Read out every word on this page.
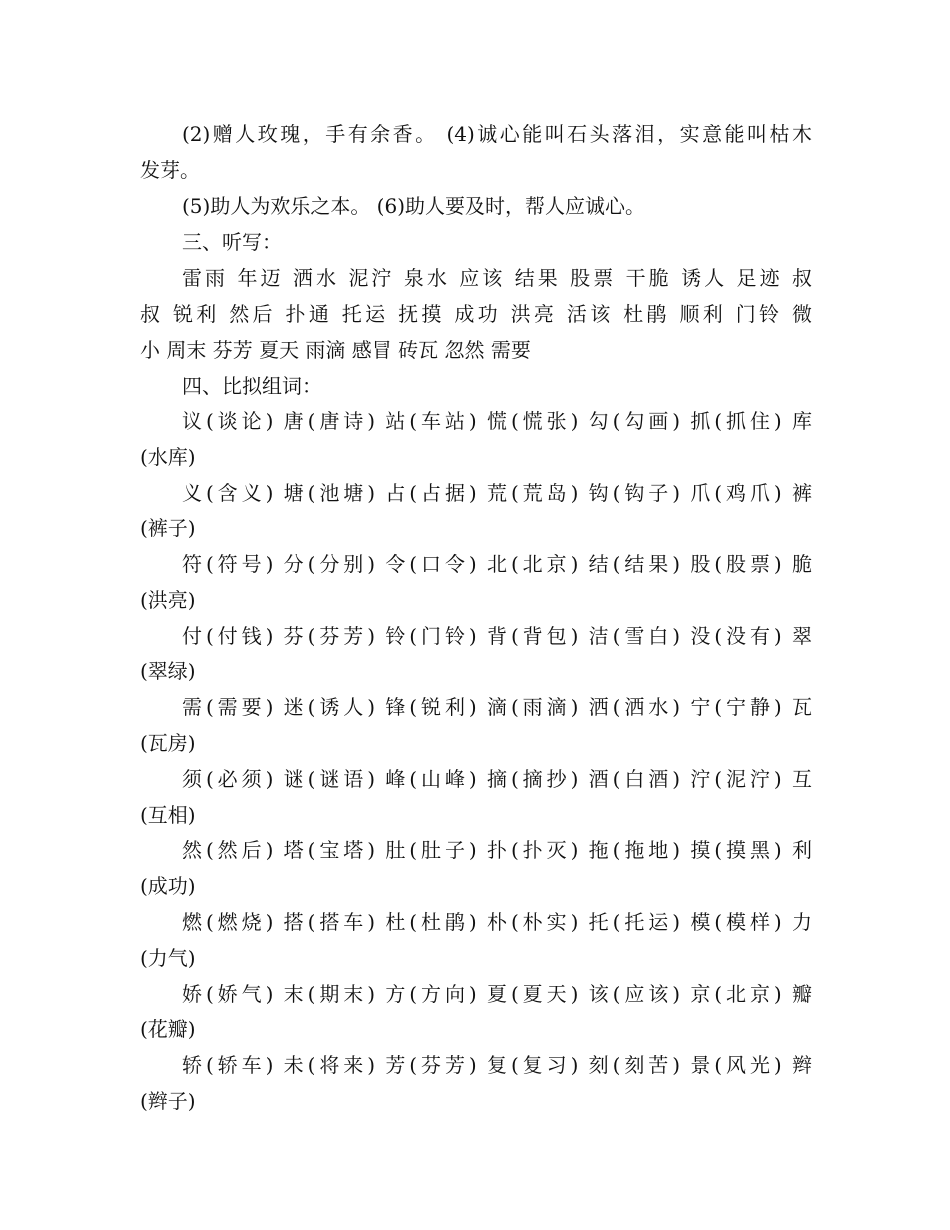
(2)赠人玫瑰，手有余香。 (4)诚心能叫石头落泪，实意能叫枯木
发芽。
(5)助人为欢乐之本。 (6)助人要及时，帮人应诚心。
三、听写：
雷雨 年迈 洒水 泥泞 泉水 应该 结果 股票 干脆 诱人 足迹 叔
叔 锐利 然后 扑通 托运 抚摸 成功 洪亮 活该 杜鹃 顺利 门铃 微
小 周末 芬芳 夏天 雨滴 感冒 砖瓦 忽然 需要
四、比拟组词：
议(谈论) 唐(唐诗) 站(车站) 慌(慌张) 勾(勾画) 抓(抓住) 库
(水库)
义(含义) 塘(池塘) 占(占据) 荒(荒岛) 钩(钩子) 爪(鸡爪) 裤
(裤子)
符(符号) 分(分别) 令(口令) 北(北京) 结(结果) 股(股票) 脆
(洪亮)
付(付钱) 芬(芬芳) 铃(门铃) 背(背包) 洁(雪白) 没(没有) 翠
(翠绿)
需(需要) 迷(诱人) 锋(锐利) 滴(雨滴) 洒(洒水) 宁(宁静) 瓦
(瓦房)
须(必须) 谜(谜语) 峰(山峰) 摘(摘抄) 酒(白酒) 泞(泥泞) 互
(互相)
然(然后) 塔(宝塔) 肚(肚子) 扑(扑灭) 拖(拖地) 摸(摸黑) 利
(成功)
燃(燃烧) 搭(搭车) 杜(杜鹃) 朴(朴实) 托(托运) 模(模样) 力
(力气)
娇(娇气) 末(期末) 方(方向) 夏(夏天) 该(应该) 京(北京) 瓣
(花瓣)
轿(轿车) 未(将来) 芳(芬芳) 复(复习) 刻(刻苦) 景(风光) 辫
(辫子)
